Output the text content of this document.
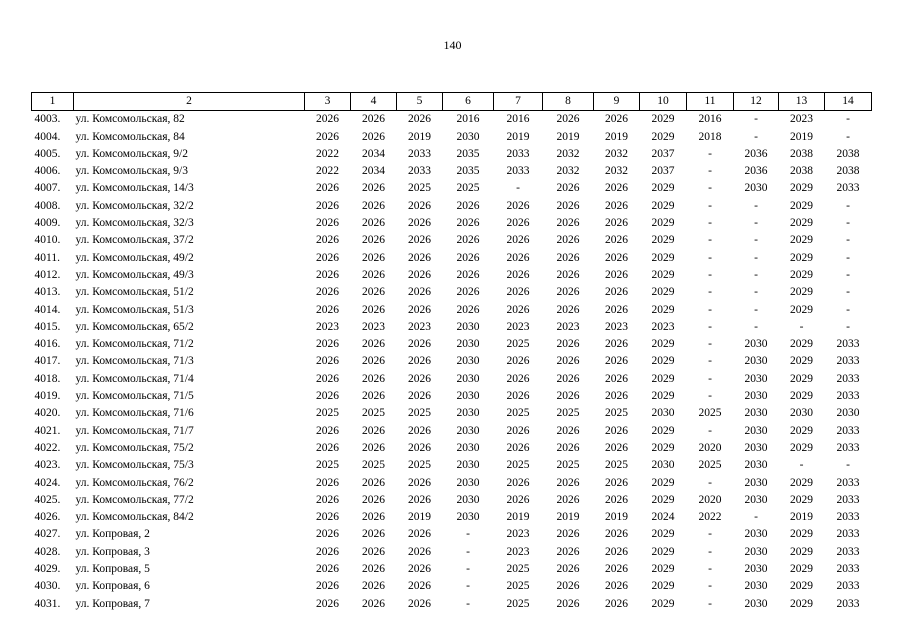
140
1	2	3	4	5	6	7	8	9	10	11	12	13	14
4003.	ул. Комсомольская, 82	2026	2026	2026	2016	2016	2026	2026	2029	2016	-	2023	-
4004.	ул. Комсомольская, 84	2026	2026	2019	2030	2019	2019	2019	2029	2018	-	2019	-
4005.	ул. Комсомольская, 9/2	2022	2034	2033	2035	2033	2032	2032	2037	-	2036	2038	2038
4006.	ул. Комсомольская, 9/3	2022	2034	2033	2035	2033	2032	2032	2037	-	2036	2038	2038
4007.	ул. Комсомольская, 14/3	2026	2026	2025	2025	-	2026	2026	2029	-	2030	2029	2033
4008.	ул. Комсомольская, 32/2	2026	2026	2026	2026	2026	2026	2026	2029	-	-	2029	-
4009.	ул. Комсомольская, 32/3	2026	2026	2026	2026	2026	2026	2026	2029	-	-	2029	-
4010.	ул. Комсомольская, 37/2	2026	2026	2026	2026	2026	2026	2026	2029	-	-	2029	-
4011.	ул. Комсомольская, 49/2	2026	2026	2026	2026	2026	2026	2026	2029	-	-	2029	-
4012.	ул. Комсомольская, 49/3	2026	2026	2026	2026	2026	2026	2026	2029	-	-	2029	-
4013.	ул. Комсомольская, 51/2	2026	2026	2026	2026	2026	2026	2026	2029	-	-	2029	-
4014.	ул. Комсомольская, 51/3	2026	2026	2026	2026	2026	2026	2026	2029	-	-	2029	-
4015.	ул. Комсомольская, 65/2	2023	2023	2023	2030	2023	2023	2023	2023	-	-	-	-
4016.	ул. Комсомольская, 71/2	2026	2026	2026	2030	2025	2026	2026	2029	-	2030	2029	2033
4017.	ул. Комсомольская, 71/3	2026	2026	2026	2030	2026	2026	2026	2029	-	2030	2029	2033
4018.	ул. Комсомольская, 71/4	2026	2026	2026	2030	2026	2026	2026	2029	-	2030	2029	2033
4019.	ул. Комсомольская, 71/5	2026	2026	2026	2030	2026	2026	2026	2029	-	2030	2029	2033
4020.	ул. Комсомольская, 71/6	2025	2025	2025	2030	2025	2025	2025	2030	2025	2030	2030	2030
4021.	ул. Комсомольская, 71/7	2026	2026	2026	2030	2026	2026	2026	2029	-	2030	2029	2033
4022.	ул. Комсомольская, 75/2	2026	2026	2026	2030	2026	2026	2026	2029	2020	2030	2029	2033
4023.	ул. Комсомольская, 75/3	2025	2025	2025	2030	2025	2025	2025	2030	2025	2030	-	-
4024.	ул. Комсомольская, 76/2	2026	2026	2026	2030	2026	2026	2026	2029	-	2030	2029	2033
4025.	ул. Комсомольская, 77/2	2026	2026	2026	2030	2026	2026	2026	2029	2020	2030	2029	2033
4026.	ул. Комсомольская, 84/2	2026	2026	2019	2030	2019	2019	2019	2024	2022	-	2019	2033
4027.	ул. Копровая, 2	2026	2026	2026	-	2023	2026	2026	2029	-	2030	2029	2033
4028.	ул. Копровая, 3	2026	2026	2026	-	2023	2026	2026	2029	-	2030	2029	2033
4029.	ул. Копровая, 5	2026	2026	2026	-	2025	2026	2026	2029	-	2030	2029	2033
4030.	ул. Копровая, 6	2026	2026	2026	-	2025	2026	2026	2029	-	2030	2029	2033
4031.	ул. Копровая, 7	2026	2026	2026	-	2025	2026	2026	2029	-	2030	2029	2033
